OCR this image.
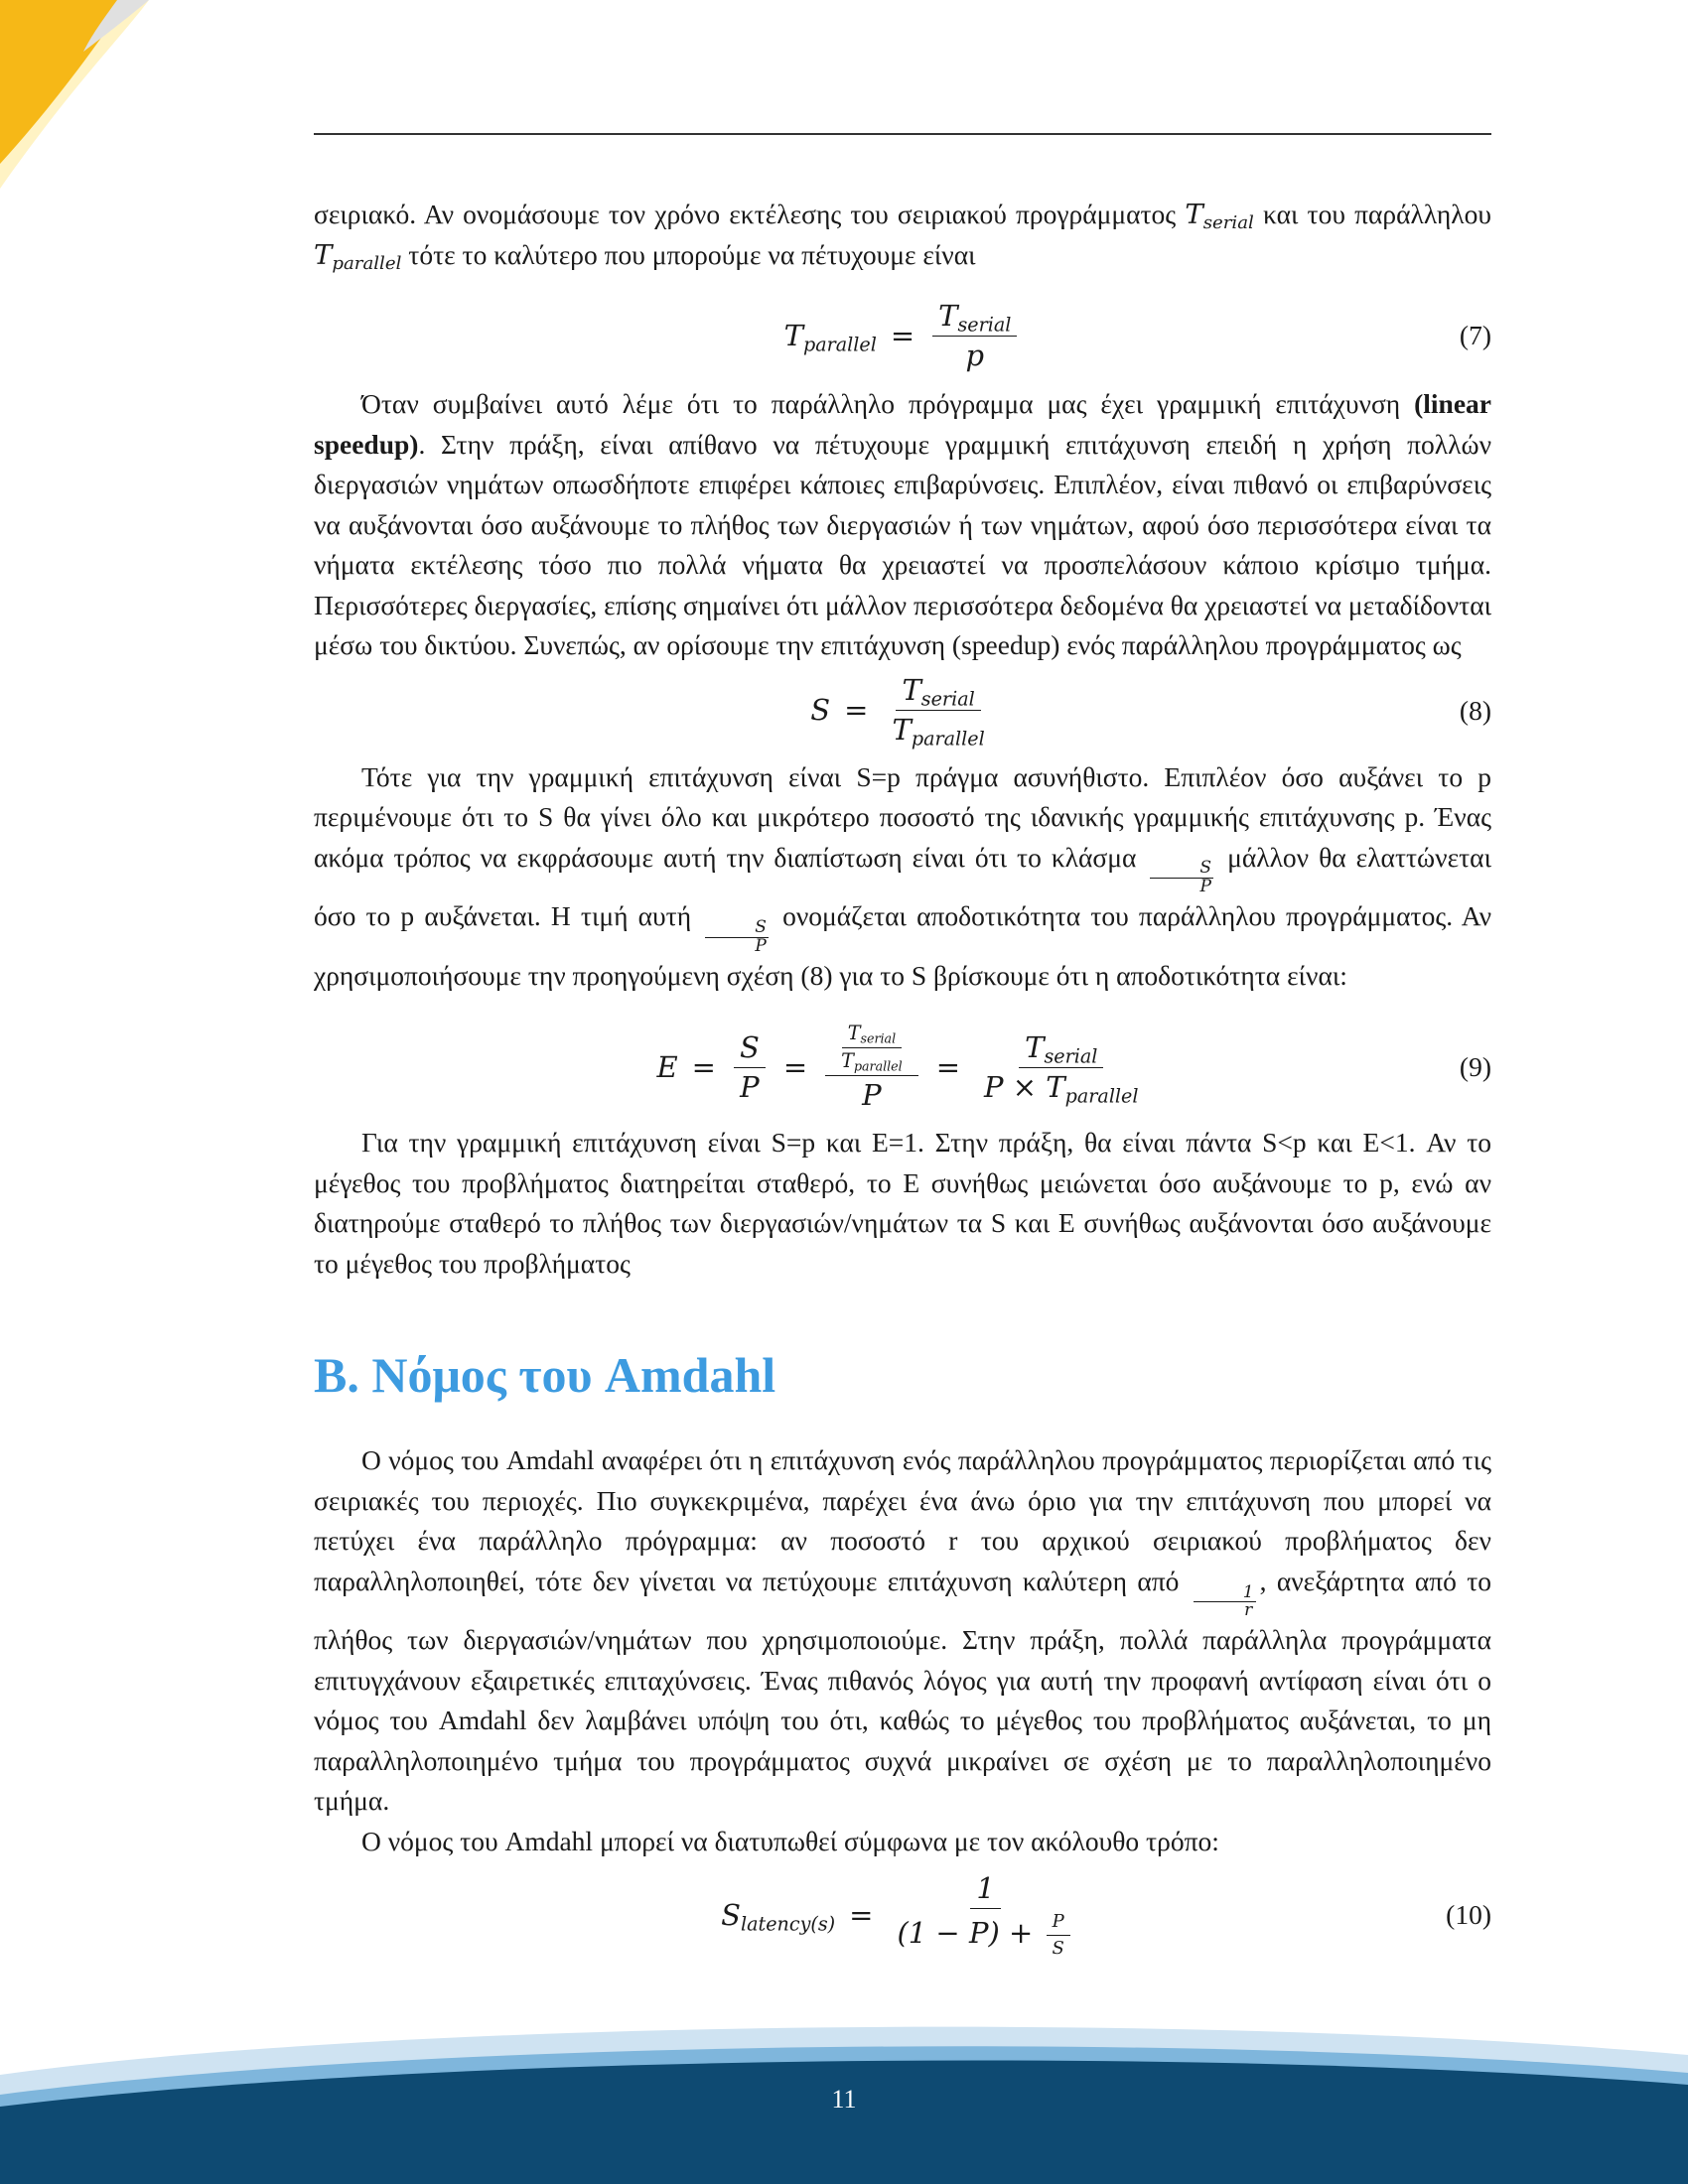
σειριακό. Αν ονομάσουμε τον χρόνο εκτέλεσης του σειριακού προγράμματος $T_{serial}$ και του παράλληλου $T_{parallel}$ τότε το καλύτερο που μπορούμε να πέτυχουμε είναι

$T_{parallel} = \frac{T_{serial}}{p}$	(7)

Όταν συμβαίνει αυτό λέμε ότι το παράλληλο πρόγραμμα μας έχει γραμμική επιτάχυνση (linear speedup). Στην πράξη, είναι απίθανο να πέτυχουμε γραμμική επιτάχυνση επειδή η χρήση πολλών διεργασιών νημάτων οπωσδήποτε επιφέρει κάποιες επιβαρύνσεις. Επιπλέον, είναι πιθανό οι επιβαρύνσεις να αυξάνονται όσο αυξάνουμε το πλήθος των διεργασιών ή των νημάτων, αφού όσο περισσότερα είναι τα νήματα εκτέλεσης τόσο πιο πολλά νήματα θα χρειαστεί να προσπελάσουν κάποιο κρίσιμο τμήμα. Περισσότερες διεργασίες, επίσης σημαίνει ότι μάλλον περισσότερα δεδομένα θα χρειαστεί να μεταδίδονται μέσω του δικτύου. Συνεπώς, αν ορίσουμε την επιτάχυνση (speedup) ενός παράλληλου προγράμματος ως

$S = \frac{T_{serial}}{T_{parallel}}$	(8)

Τότε για την γραμμική επιτάχυνση είναι S=p πράγμα ασυνήθιστο. Επιπλέον όσο αυξάνει το p περιμένουμε ότι το S θα γίνει όλο και μικρότερο ποσοστό της ιδανικής γραμμικής επιτάχυνσης p. Ένας ακόμα τρόπος να εκφράσουμε αυτή την διαπίστωση είναι ότι το κλάσμα
$\frac{S}{P}$
μάλλον θα ελαττώνεται όσο το p αυξάνεται. Η τιμή αυτή
$\frac{S}{P}$
ονομάζεται αποδοτικότητα του παράλληλου προγράμματος. Αν χρησιμοποιήσουμε την προηγούμενη σχέση (8) για το S βρίσκουμε ότι η αποδοτικότητα είναι:

$E = \frac{S}{P} = \frac{\frac{T_{serial}}{T_{parallel}}}{P} = \frac{T_{serial}}{P \times T_{parallel}}$	(9)

Για την γραμμική επιτάχυνση είναι S=p και E=1. Στην πράξη, θα είναι πάντα S<p και E<1. Αν το μέγεθος του προβλήματος διατηρείται σταθερό, το E συνήθως μειώνεται όσο αυξάνουμε το p, ενώ αν διατηρούμε σταθερό το πλήθος των διεργασιών/νημάτων τα S και E συνήθως αυξάνονται όσο αυξάνουμε το μέγεθος του προβλήματος

B. Νόμος του Amdahl

Ο νόμος του Amdahl αναφέρει ότι η επιτάχυνση ενός παράλληλου προγράμματος περιορίζεται από τις σειριακές του περιοχές. Πιο συγκεκριμένα, παρέχει ένα άνω όριο για την επιτάχυνση που μπορεί να πετύχει ένα παράλληλο πρόγραμμα: αν ποσοστό r του αρχικού σειριακού προβλήματος δεν παραλληλοποιηθεί, τότε δεν γίνεται να πετύχουμε επιτάχυνση καλύτερη από
$\frac{1}{r}$
, ανεξάρτητα από το πλήθος των διεργασιών/νημάτων που χρησιμοποιούμε. Στην πράξη, πολλά παράλληλα προγράμματα επιτυγχάνουν εξαιρετικές επιταχύνσεις. Ένας πιθανός λόγος για αυτή την προφανή αντίφαση είναι ότι ο νόμος του Amdahl δεν λαμβάνει υπόψη του ότι, καθώς το μέγεθος του προβλήματος αυξάνεται, το μη παραλληλοποιημένο τμήμα του προγράμματος συχνά μικραίνει σε σχέση με το παραλληλοποιημένο τμήμα.

Ο νόμος του Amdahl μπορεί να διατυπωθεί σύμφωνα με τον ακόλουθο τρόπο:

$S_{latency(s)} = \frac{1}{(1 - P) + \frac{P}{S}}$	(10)
11
